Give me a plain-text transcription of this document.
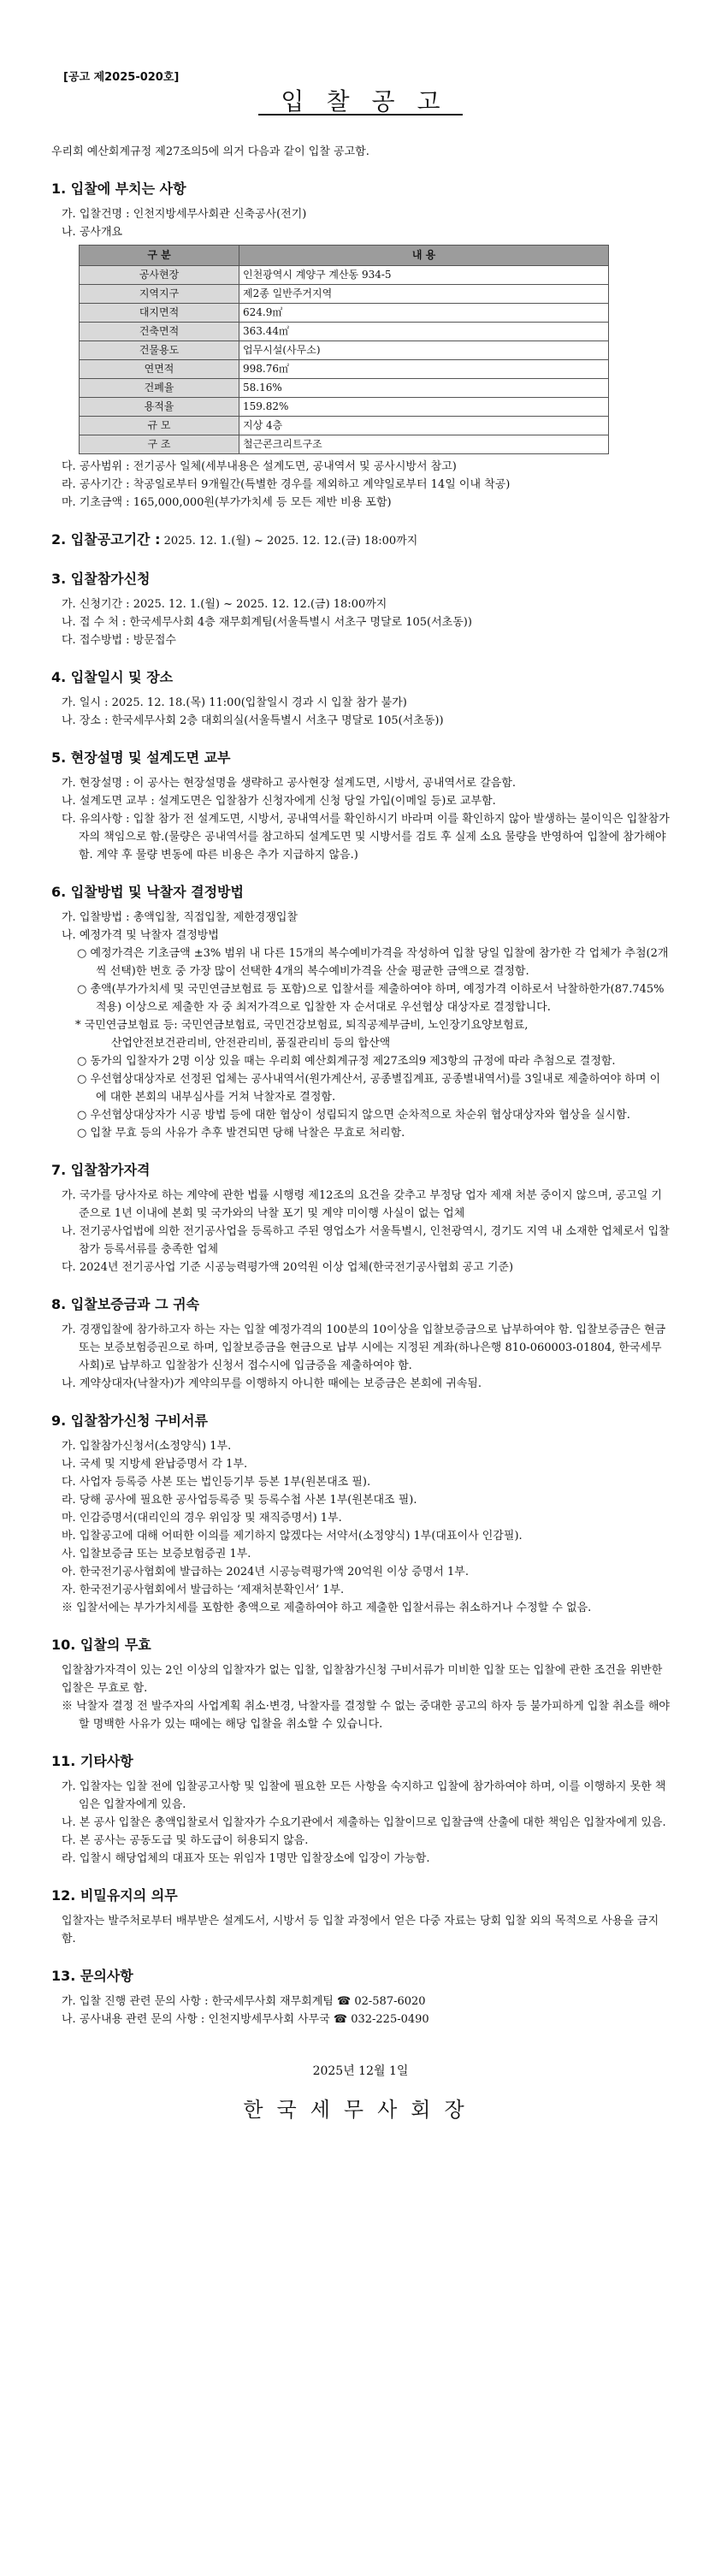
[공고 제2025-020호]
입찰공고
우리회 예산회계규정 제27조의5에 의거 다음과 같이 입찰 공고함.
1. 입찰에 부치는 사항
가. 입찰건명 : 인천지방세무사회관 신축공사(전기)
나. 공사개요
구 분	내 용
공사현장	인천광역시 계양구 계산동 934-5
지역지구	제2종 일반주거지역
대지면적	624.9㎡
건축면적	363.44㎡
건물용도	업무시설(사무소)
연면적	998.76㎡
건폐율	58.16%
용적율	159.82%
규 모	지상 4층
구 조	철근콘크리트구조
다. 공사범위 : 전기공사 일체(세부내용은 설계도면, 공내역서 및 공사시방서 참고)
라. 공사기간 : 착공일로부터 9개월간(특별한 경우를 제외하고 계약일로부터 14일 이내 착공)
마. 기초금액 : 165,000,000원(부가가치세 등 모든 제반 비용 포함)
2. 입찰공고기간 : 2025. 12. 1.(월) ~ 2025. 12. 12.(금) 18:00까지
3. 입찰참가신청
가. 신청기간 : 2025. 12. 1.(월) ~ 2025. 12. 12.(금) 18:00까지
나. 접 수 처 : 한국세무사회 4층 재무회계팀(서울특별시 서초구 명달로 105(서초동))
다. 접수방법 : 방문접수
4. 입찰일시 및 장소
가. 일시 : 2025. 12. 18.(목) 11:00(입찰일시 경과 시 입찰 참가 불가)
나. 장소 : 한국세무사회 2층 대회의실(서울특별시 서초구 명달로 105(서초동))
5. 현장설명 및 설계도면 교부
가. 현장설명 : 이 공사는 현장설명을 생략하고 공사현장 설계도면, 시방서, 공내역서로 갈음함.
나. 설계도면 교부 : 설계도면은 입찰참가 신청자에게 신청 당일 가입(이메일 등)로 교부함.
다. 유의사항 : 입찰 참가 전 설계도면, 시방서, 공내역서를 확인하시기 바라며 이를 확인하지 않아 발생하는 불이익은 입찰참가자의 책임으로 함.(물량은 공내역서를 참고하되 설계도면 및 시방서를 검토 후 실제 소요 물량을 반영하여 입찰에 참가해야 함. 계약 후 물량 변동에 따른 비용은 추가 지급하지 않음.)
6. 입찰방법 및 낙찰자 결정방법
가. 입찰방법 : 총액입찰, 직접입찰, 제한경쟁입찰
나. 예정가격 및 낙찰자 결정방법
○ 예정가격은 기초금액 ±3% 범위 내 다른 15개의 복수예비가격을 작성하여 입찰 당일 입찰에 참가한 각 업체가 추첨(2개씩 선택)한 번호 중 가장 많이 선택한 4개의 복수예비가격을 산술 평균한 금액으로 결정함.
○ 총액(부가가치세 및 국민연금보험료 등 포함)으로 입찰서를 제출하여야 하며, 예정가격 이하로서 낙찰하한가(87.745% 적용) 이상으로 제출한 자 중 최저가격으로 입찰한 자 순서대로 우선협상 대상자로 결정합니다.
* 국민연금보험료 등: 국민연금보험료, 국민건강보험료, 퇴직공제부금비, 노인장기요양보험료,
산업안전보건관리비, 안전관리비, 품질관리비 등의 합산액
○ 동가의 입찰자가 2명 이상 있을 때는 우리회 예산회계규정 제27조의9 제3항의 규정에 따라 추첨으로 결정함.
○ 우선협상대상자로 선정된 업체는 공사내역서(원가계산서, 공종별집계표, 공종별내역서)를 3일내로 제출하여야 하며 이에 대한 본회의 내부심사를 거쳐 낙찰자로 결정함.
○ 우선협상대상자가 시공 방법 등에 대한 협상이 성립되지 않으면 순차적으로 차순위 협상대상자와 협상을 실시함.
○ 입찰 무효 등의 사유가 추후 발견되면 당해 낙찰은 무효로 처리함.
7. 입찰참가자격
가. 국가를 당사자로 하는 계약에 관한 법률 시행령 제12조의 요건을 갖추고 부정당 업자 제재 처분 중이지 않으며, 공고일 기준으로 1년 이내에 본회 및 국가와의 낙찰 포기 및 계약 미이행 사실이 없는 업체
나. 전기공사업법에 의한 전기공사업을 등록하고 주된 영업소가 서울특별시, 인천광역시, 경기도 지역 내 소재한 업체로서 입찰참가 등록서류를 충족한 업체
다. 2024년 전기공사업 기준 시공능력평가액 20억원 이상 업체(한국전기공사협회 공고 기준)
8. 입찰보증금과 그 귀속
가. 경쟁입찰에 참가하고자 하는 자는 입찰 예정가격의 100분의 10이상을 입찰보증금으로 납부하여야 함. 입찰보증금은 현금 또는 보증보험증권으로 하며, 입찰보증금을 현금으로 납부 시에는 지정된 계좌(하나은행 810-060003-01804, 한국세무사회)로 납부하고 입찰참가 신청서 접수시에 입금증을 제출하여야 함.
나. 계약상대자(낙찰자)가 계약의무를 이행하지 아니한 때에는 보증금은 본회에 귀속됨.
9. 입찰참가신청 구비서류
가. 입찰참가신청서(소정양식) 1부.
나. 국세 및 지방세 완납증명서 각 1부.
다. 사업자 등록증 사본 또는 법인등기부 등본 1부(원본대조 필).
라. 당해 공사에 필요한 공사업등록증 및 등록수첩 사본 1부(원본대조 필).
마. 인감증명서(대리인의 경우 위임장 및 재직증명서) 1부.
바. 입찰공고에 대해 어떠한 이의를 제기하지 않겠다는 서약서(소정양식) 1부(대표이사 인감필).
사. 입찰보증금 또는 보증보험증권 1부.
아. 한국전기공사협회에 발급하는 2024년 시공능력평가액 20억원 이상 증명서 1부.
자. 한국전기공사협회에서 발급하는 ‘제재처분확인서’ 1부.
※ 입찰서에는 부가가치세를 포함한 총액으로 제출하여야 하고 제출한 입찰서류는 취소하거나 수정할 수 없음.
10. 입찰의 무효
입찰참가자격이 있는 2인 이상의 입찰자가 없는 입찰, 입찰참가신청 구비서류가 미비한 입찰 또는 입찰에 관한 조건을 위반한 입찰은 무효로 함.
※ 낙찰자 결정 전 발주자의 사업계획 취소·변경, 낙찰자를 결정할 수 없는 중대한 공고의 하자 등 불가피하게 입찰 취소를 해야 할 명백한 사유가 있는 때에는 해당 입찰을 취소할 수 있습니다.
11. 기타사항
가. 입찰자는 입찰 전에 입찰공고사항 및 입찰에 필요한 모든 사항을 숙지하고 입찰에 참가하여야 하며, 이를 이행하지 못한 책임은 입찰자에게 있음.
나. 본 공사 입찰은 총액입찰로서 입찰자가 수요기관에서 제출하는 입찰이므로 입찰금액 산출에 대한 책임은 입찰자에게 있음.
다. 본 공사는 공동도급 및 하도급이 허용되지 않음.
라. 입찰시 해당업체의 대표자 또는 위임자 1명만 입찰장소에 입장이 가능함.
12. 비밀유지의 의무
입찰자는 발주처로부터 배부받은 설계도서, 시방서 등 입찰 과정에서 얻은 다중 자료는 당회 입찰 외의 목적으로 사용을 금지함.
13. 문의사항
가. 입찰 진행 관련 문의 사항 : 한국세무사회 재무회계팀 ☎ 02-587-6020
나. 공사내용 관련 문의 사항 : 인천지방세무사회 사무국 ☎ 032-225-0490
2025년 12월 1일
한국세무사회장
